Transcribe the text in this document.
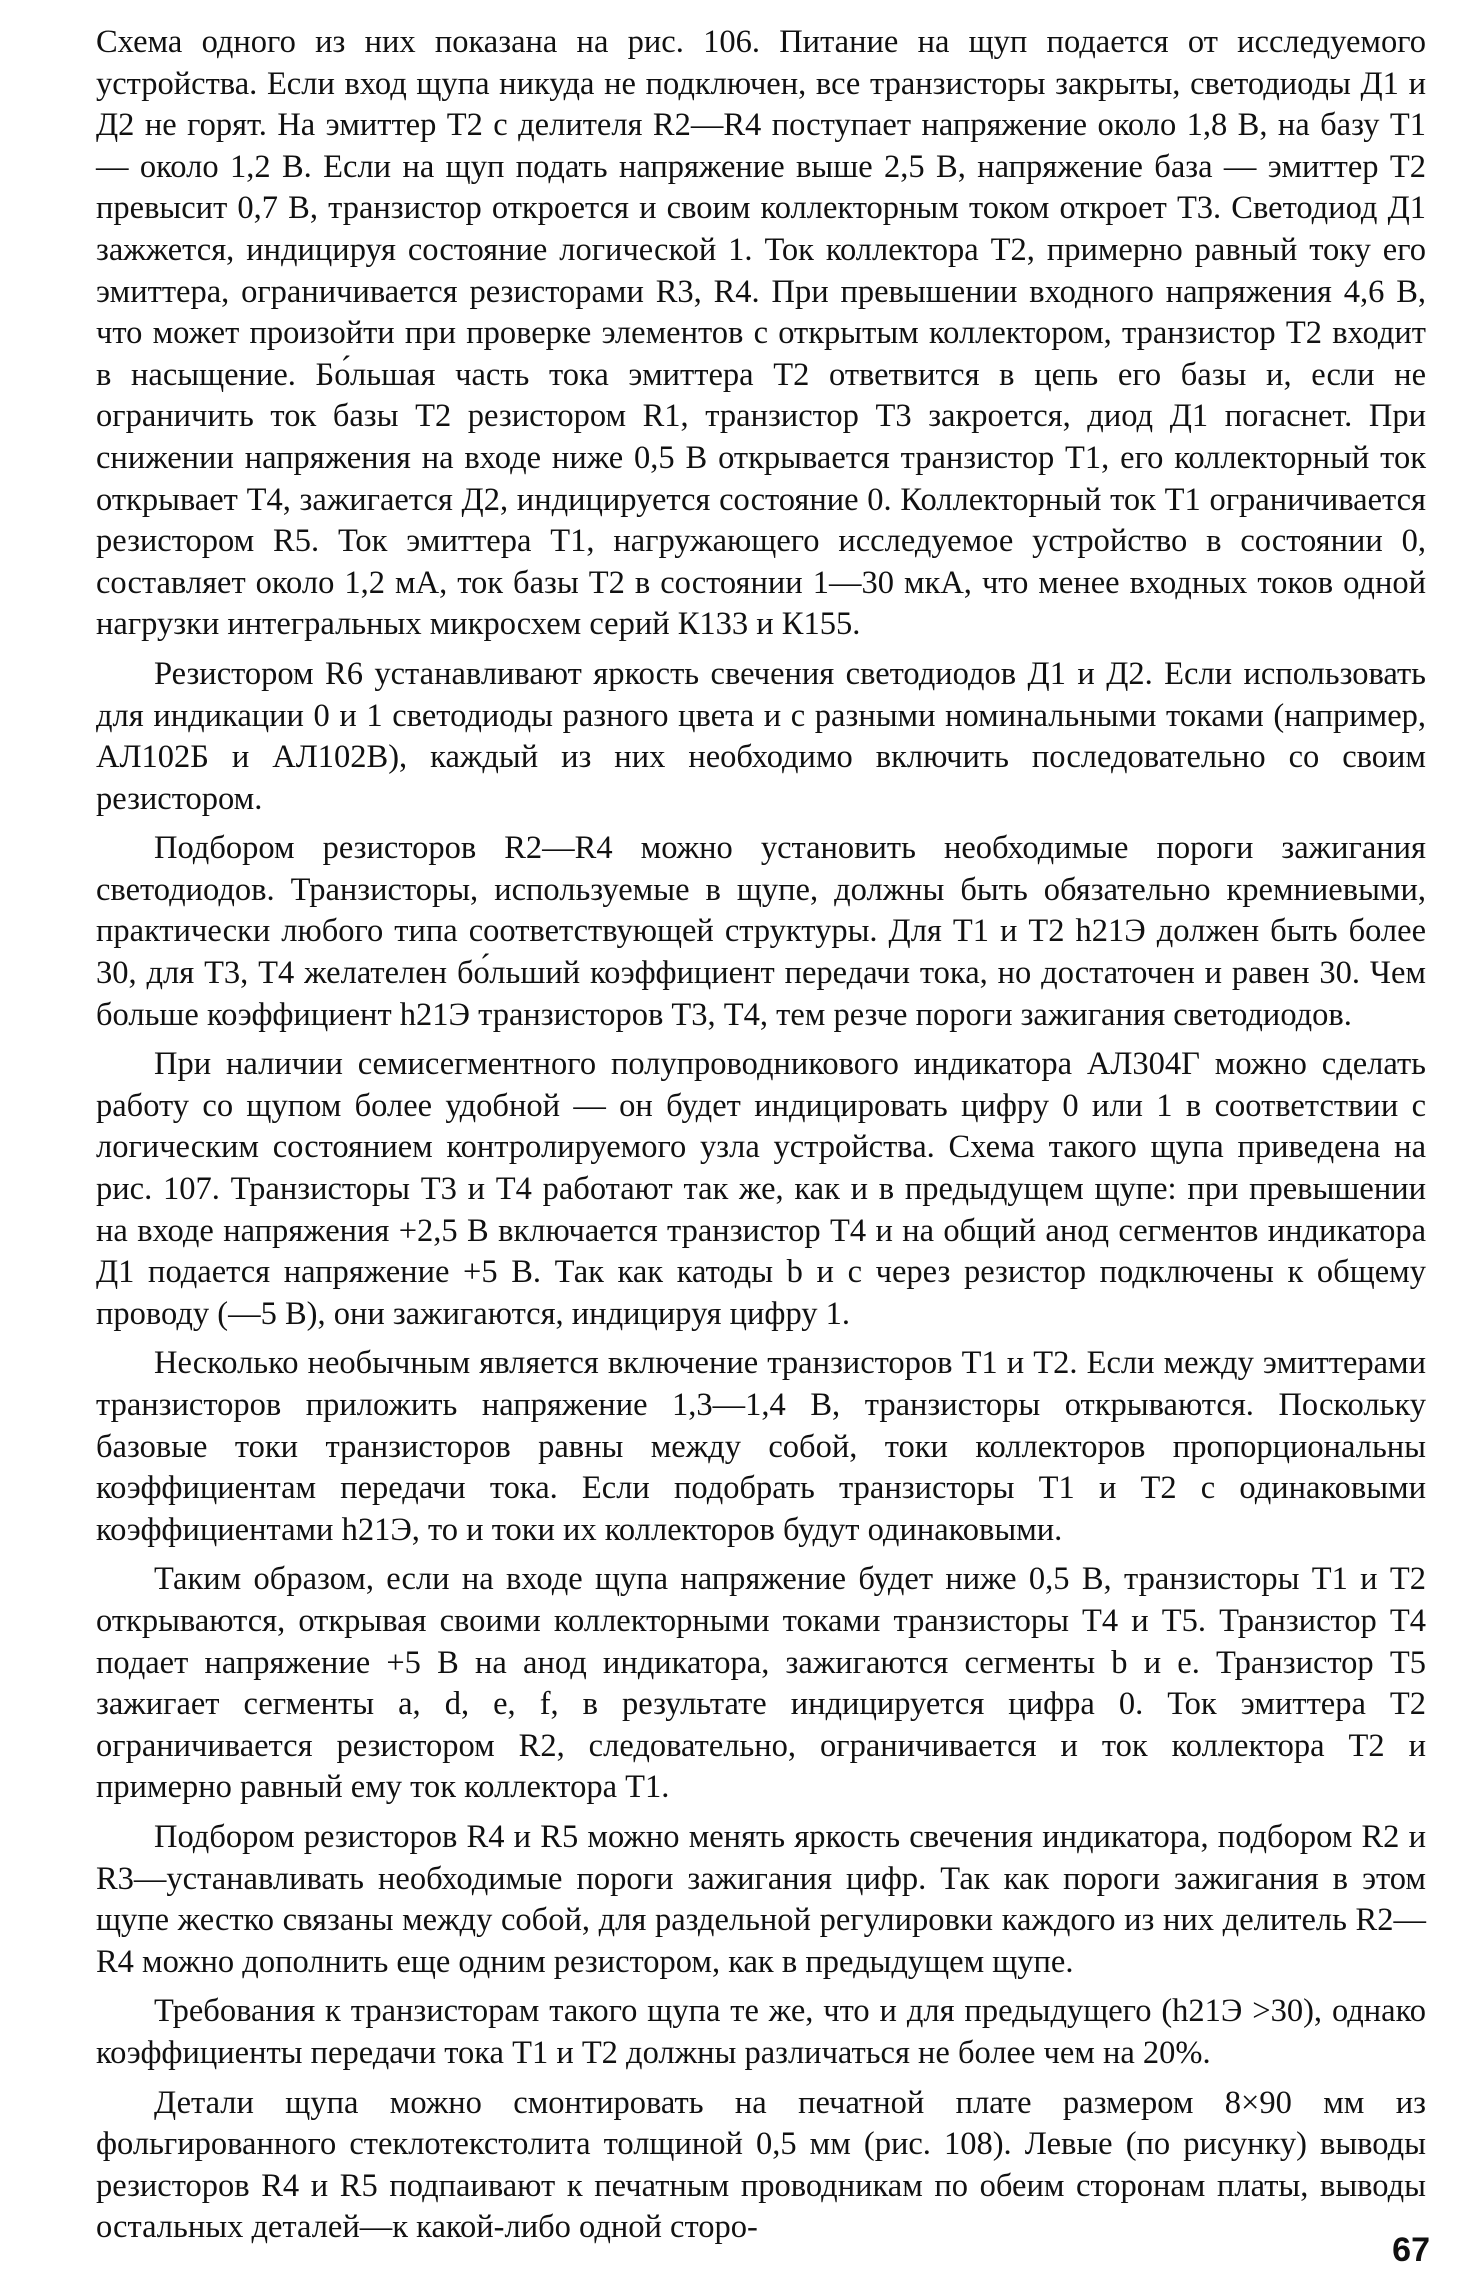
Схема одного из них показана на рис. 106. Питание на щуп подается от исследуемого устройства. Если вход щупа никуда не подключен, все транзисторы закрыты, светодиоды Д1 и Д2 не горят. На эмиттер Т2 с делителя R2—R4 поступает напряжение около 1,8 В, на базу Т1 — около 1,2 В. Если на щуп подать напряжение выше 2,5 В, напряжение база — эмиттер Т2 превысит 0,7 В, транзистор откроется и своим коллекторным током откроет Т3. Светодиод Д1 зажжется, индицируя состояние логической 1. Ток коллектора Т2, примерно равный току его эмиттера, ограничивается резисторами R3, R4. При превышении входного напряжения 4,6 В, что может произойти при проверке элементов с открытым коллектором, транзистор Т2 входит в насыщение. Бо́льшая часть тока эмиттера Т2 ответвится в цепь его базы и, если не ограничить ток базы Т2 резистором R1, транзистор Т3 закроется, диод Д1 погаснет. При снижении напряжения на входе ниже 0,5 В открывается транзистор Т1, его коллекторный ток открывает Т4, зажигается Д2, индицируется состояние 0. Коллекторный ток Т1 ограничивается резистором R5. Ток эмиттера Т1, нагружающего исследуемое устройство в состоянии 0, составляет около 1,2 мА, ток базы Т2 в состоянии 1—30 мкА, что менее входных токов одной нагрузки интегральных микросхем серий К133 и К155.

Резистором R6 устанавливают яркость свечения светодиодов Д1 и Д2. Если использовать для индикации 0 и 1 светодиоды разного цвета и с разными номинальными токами (например, АЛ102Б и АЛ102В), каждый из них необходимо включить последовательно со своим резистором.

Подбором резисторов R2—R4 можно установить необходимые пороги зажигания светодиодов. Транзисторы, используемые в щупе, должны быть обязательно кремниевыми, практически любого типа соответствующей структуры. Для Т1 и Т2 h21Э должен быть более 30, для Т3, Т4 желателен бо́льший коэффициент передачи тока, но достаточен и равен 30. Чем больше коэффициент h21Э транзисторов Т3, Т4, тем резче пороги зажигания светодиодов.

При наличии семисегментного полупроводникового индикатора АЛ304Г можно сделать работу со щупом более удобной — он будет индицировать цифру 0 или 1 в соответствии с логическим состоянием контролируемого узла устройства. Схема такого щупа приведена на рис. 107. Транзисторы Т3 и Т4 работают так же, как и в предыдущем щупе: при превышении на входе напряжения +2,5 В включается транзистор Т4 и на общий анод сегментов индикатора Д1 подается напряжение +5 В. Так как катоды b и c через резистор подключены к общему проводу (—5 В), они зажигаются, индицируя цифру 1.

Несколько необычным является включение транзисторов Т1 и Т2. Если между эмиттерами транзисторов приложить напряжение 1,3—1,4 В, транзисторы открываются. Поскольку базовые токи транзисторов равны между собой, токи коллекторов пропорциональны коэффициентам передачи тока. Если подобрать транзисторы Т1 и Т2 с одинаковыми коэффициентами h21Э, то и токи их коллекторов будут одинаковыми.

Таким образом, если на входе щупа напряжение будет ниже 0,5 В, транзисторы Т1 и Т2 открываются, открывая своими коллекторными токами транзисторы Т4 и Т5. Транзистор Т4 подает напряжение +5 В на анод индикатора, зажигаются сегменты b и e. Транзистор Т5 зажигает сегменты a, d, e, f, в результате индицируется цифра 0. Ток эмиттера Т2 ограничивается резистором R2, следовательно, ограничивается и ток коллектора Т2 и примерно равный ему ток коллектора Т1.

Подбором резисторов R4 и R5 можно менять яркость свечения индикатора, подбором R2 и R3—устанавливать необходимые пороги зажигания цифр. Так как пороги зажигания в этом щупе жестко связаны между собой, для раздельной регулировки каждого из них делитель R2—R4 можно дополнить еще одним резистором, как в предыдущем щупе.

Требования к транзисторам такого щупа те же, что и для предыдущего (h21Э >30), однако коэффициенты передачи тока Т1 и Т2 должны различаться не более чем на 20%.

Детали щупа можно смонтировать на печатной плате размером 8×90 мм из фольгированного стеклотекстолита толщиной 0,5 мм (рис. 108). Левые (по рисунку) выводы резисторов R4 и R5 подпаивают к печатным проводникам по обеим сторонам платы, выводы остальных деталей—к какой-либо одной сторо-

67
